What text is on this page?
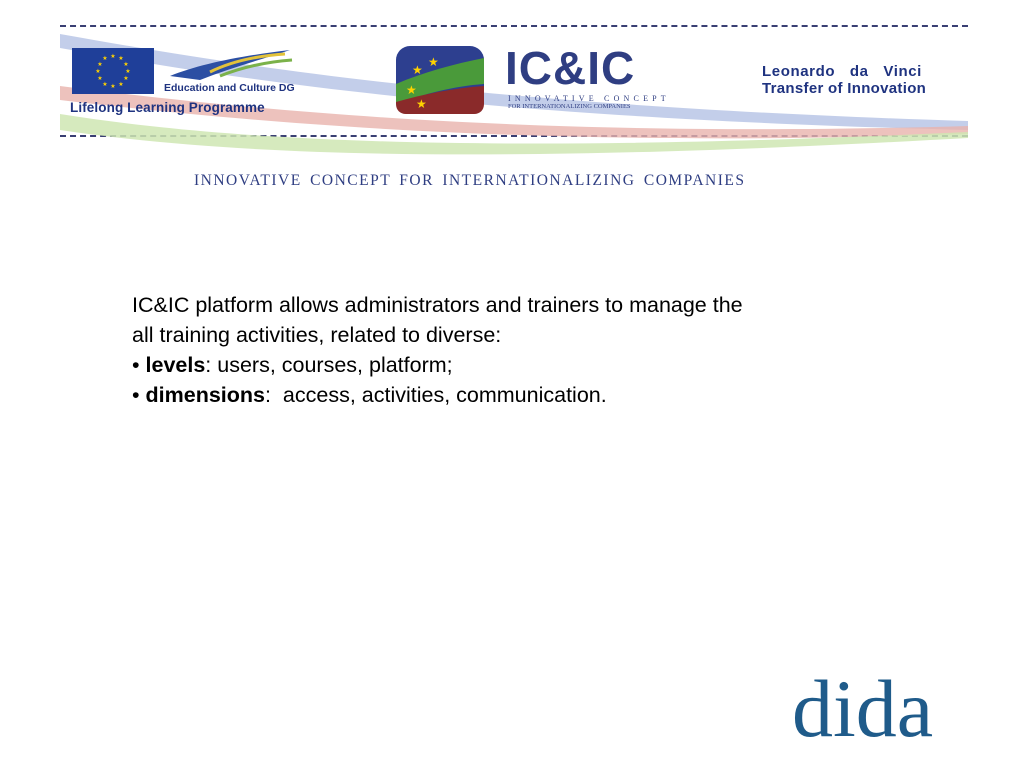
★ ★
★
★
★
★
★
★
★
★
★
★
Education and Culture DG
Lifelong Learning Programme
★
★
★
★
IC&IC
INNOVATIVE CONCEPT
FOR INTERNATIONALIZING COMPANIES
Leonardo da Vinci
Transfer of Innovation
INNOVATIVE CONCEPT FOR INTERNATIONALIZING COMPANIES

IC&IC platform allows administrators and trainers to manage the

all training activities, related to diverse:

• levels: users, courses, platform;

• dimensions:  access, activities, communication.

dida
